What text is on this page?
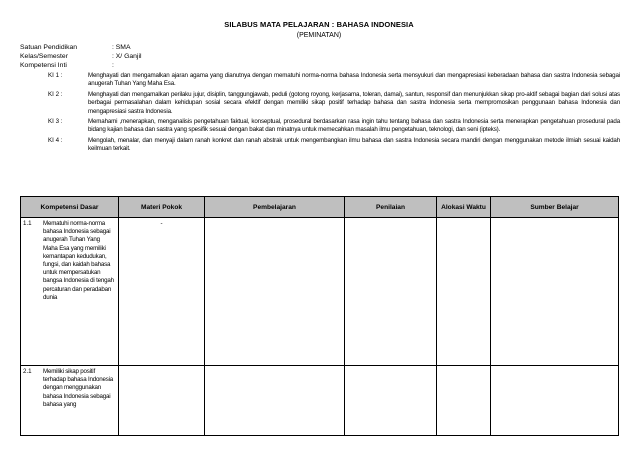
SILABUS MATA PELAJARAN : BAHASA INDONESIA
(PEMINATAN)
Satuan Pendidikan	: SMA
Kelas/Semester	: X/ Ganjil
Kompetensi Inti	:
KI 1 :	Menghayati dan mengamalkan ajaran agama yang dianutnya dengan mematuhi norma-norma bahasa Indonesia serta mensyukuri dan mengapresiasi keberadaan bahasa dan sastra Indonesia sebagai anugerah Tuhan Yang Maha Esa.
KI 2 :	Menghayati dan mengamalkan perilaku jujur, disiplin, tanggungjawab, peduli (gotong royong, kerjasama, toleran, damai), santun, responsif dan menunjukkan sikap pro-aktif sebagai bagian dari solusi atas berbagai permasalahan dalam kehidupan sosial secara efektif dengan memiliki sikap positif terhadap bahasa dan sastra Indonesia serta mempromosikan penggunaan bahasa Indonesia dan mengapresiasi sastra Indonesia.
KI 3 :	Memahami ,menerapkan, menganalisis pengetahuan faktual, konseptual, prosedural berdasarkan rasa ingin tahu tentang bahasa dan sastra Indonesia serta menerapkan pengetahuan prosedural pada bidang kajian bahasa dan sastra yang spesifik sesuai dengan bakat dan minatnya untuk memecahkan masalah ilmu pengetahuan, teknologi, dan seni (ipteks).
KI 4 :	Mengolah, menalar, dan menyaji dalam ranah konkret dan ranah abstrak untuk mengembangkan ilmu bahasa dan sastra Indonesia secara mandiri dengan menggunakan metode ilmiah sesuai kaidah keilmuan terkait.
Kompetensi Dasar	Materi Pokok	Pembelajaran	Penilaian	Alokasi Waktu	Sumber Belajar

1.1 Mematuhi norma-norma bahasa Indonesia sebagai anugerah Tuhan Yang Maha Esa yang memiliki kemantapan kedudukan, fungsi, dan kaidah bahasa untuk mempersatukan bangsa Indonesia di tengah percaturan dan peradaban dunia	-				

2.1 Memiliki sikap positif terhadap bahasa Indonesia dengan menggunakan bahasa Indonesia sebagai bahasa yang					
